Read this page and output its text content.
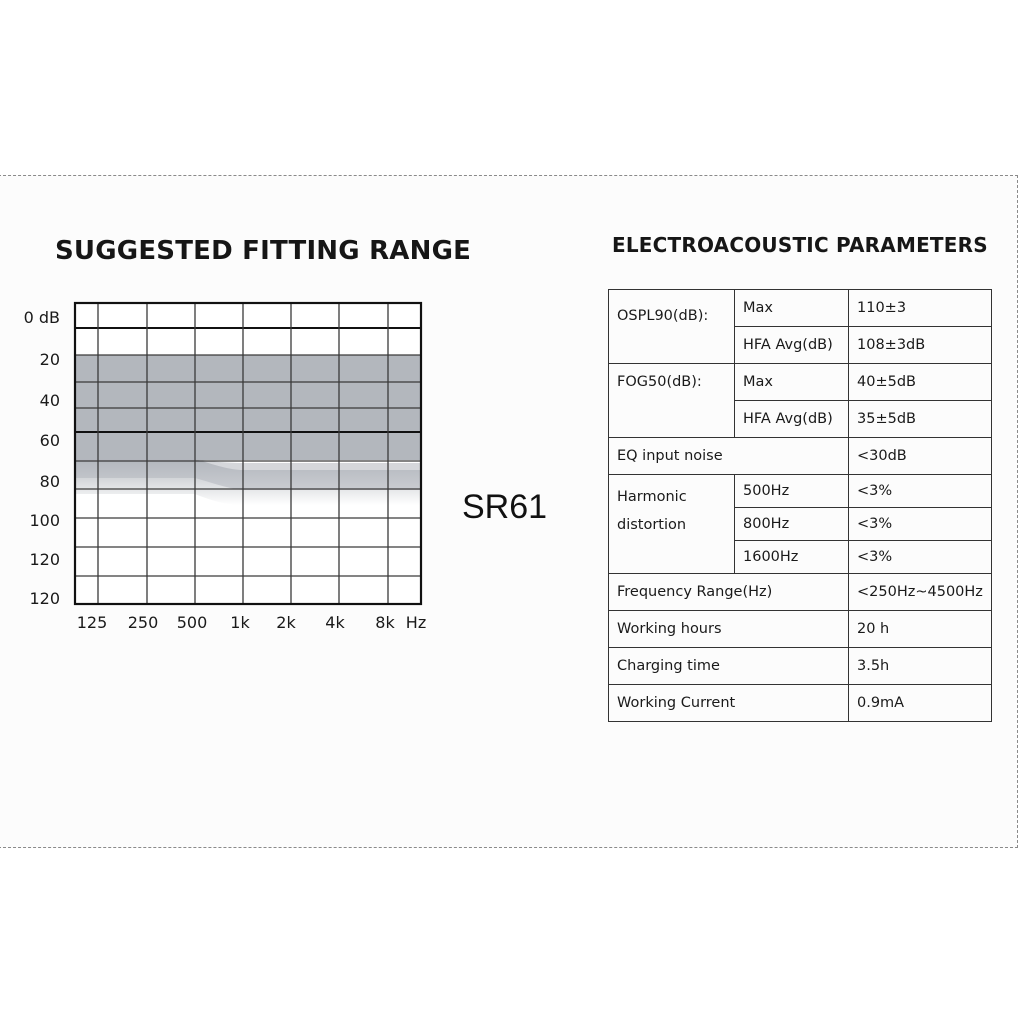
SUGGESTED FITTING RANGE	ELECTROACOUSTIC PARAMETERS
0 dB
20
40
60
80
100
120
120
125 250 500	1k	2k	4k	8k Hz
SR61
OSPL90(dB):	Max	110±3
	HFA Avg(dB)	108±3dB
FOG50(dB):	Max	40±5dB
	HFA Avg(dB)	35±5dB
EQ input noise		<30dB
Harmonic
distortion	500Hz	<3%
	800Hz	<3%
	1600Hz	<3%
Frequency Range(Hz)		<250Hz~4500Hz
Working hours		20 h
Charging time		3.5h
Working Current		0.9mA
